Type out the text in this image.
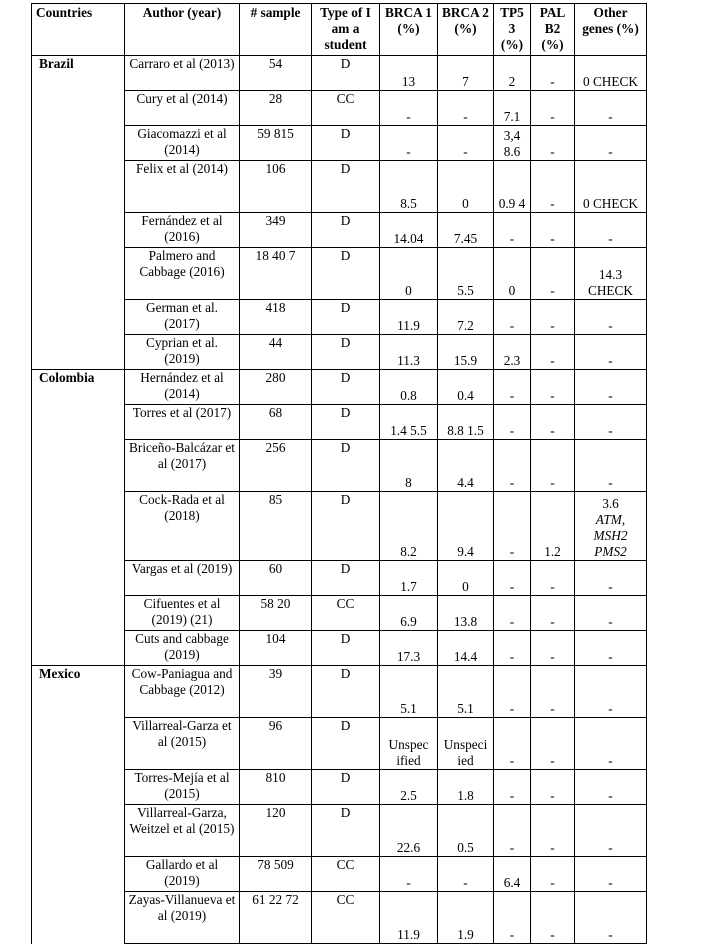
Countries	Author (year)	# sample	Type of I am a student	BRCA 1 (%)	BRCA 2 (%)	TP5 3 (%)	PAL B2 (%)	Other genes (%)
Brazil	Carraro et al (2013)	54	D	13	7	2	-	0 CHECK

	Cury et al (2014)	28	CC	-	-	7.1	-	-

	Giacomazzi et al (2014)	59 815	D	-	-	3,4 8.6	-	-

	Felix et al (2014)	106	D	8.5	0	0.9 4	-	0 CHECK

	Fernández et al (2016)	349	D	14.04	7.45	-	-	-

	Palmero and Cabbage (2016)	18 40 7	D	0	5.5	0	-	14.3 CHECK

	German et al. (2017)	418	D	11.9	7.2	-	-	-

	Cyprian et al. (2019)	44	D	11.3	15.9	2.3	-	-

Colombia	Hernández et al (2014)	280	D	0.8	0.4	-	-	-

	Torres et al (2017)	68	D	1.4 5.5	8.8 1.5	-	-	-

	Briceño-Balcázar et al (2017)	256	D	8	4.4	-	-	-

	Cock-Rada et al (2018)	85	D	8.2	9.4	-	1.2	3.6
ATM,
MSH2
PMS2

	Vargas et al (2019)	60	D	1.7	0	-	-	-

	Cifuentes et al (2019) (21)	58 20	CC	6.9	13.8	-	-	-

	Cuts and cabbage (2019)	104	D	17.3	14.4	-	-	-

Mexico	Cow-Paniagua and Cabbage (2012)	39	D	5.1	5.1	-	-	-

	Villarreal-Garza et al (2015)	96	D	Unspec ified	Unspeci ied	-	-	-

	Torres-Mejía et al (2015)	810	D	2.5	1.8	-	-	-

	Villarreal-Garza, Weitzel et al (2015)	120	D	22.6	0.5	-	-	-

	Gallardo et al (2019)	78 509	CC	-	-	6.4	-	-

	Zayas-Villanueva et al (2019)	61 22 72	CC	11.9	1.9	-	-	-
